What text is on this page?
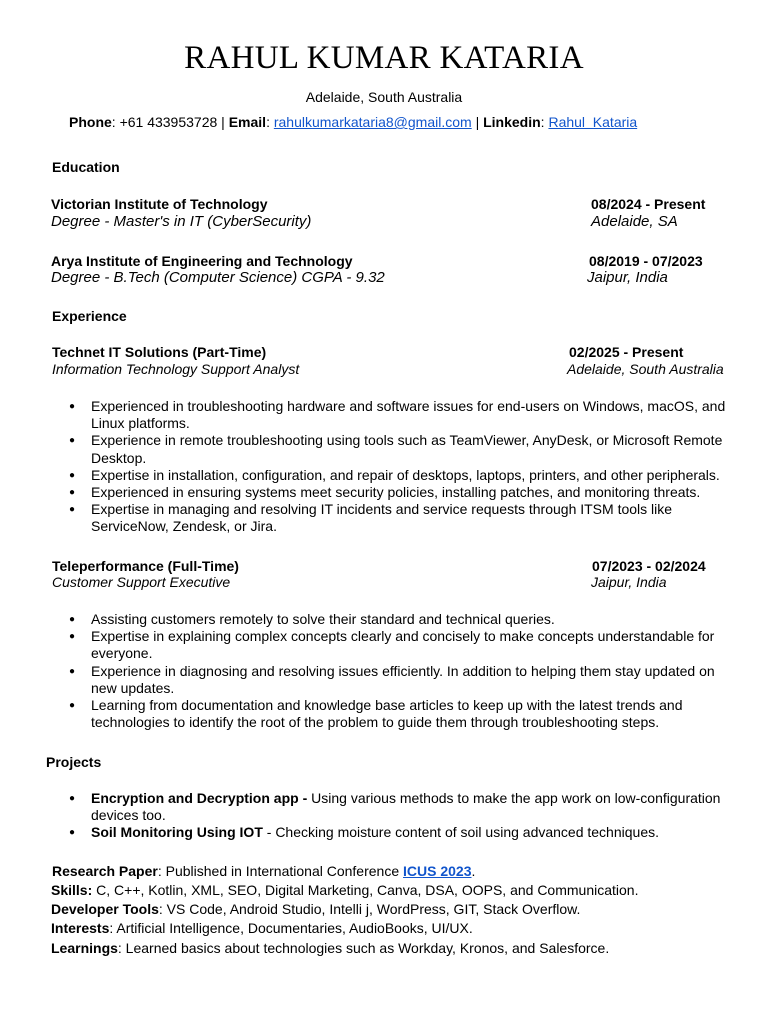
RAHUL KUMAR KATARIA
Adelaide, South Australia
Phone: +61 433953728 | Email: rahulkumarkataria8@gmail.com | Linkedin: Rahul  Kataria
Education
Victorian Institute of Technology	08/2024 - Present
Degree - Master's in IT (CyberSecurity)	Adelaide, SA
Arya Institute of Engineering and Technology	08/2019 - 07/2023
Degree - B.Tech (Computer Science) CGPA - 9.32	Jaipur, India
Experience
Technet IT Solutions (Part-Time)	02/2025 - Present
Information Technology Support Analyst	Adelaide, South Australia
● Experienced in troubleshooting hardware and software issues for end-users on Windows, macOS, and Linux platforms.
● Experience in remote troubleshooting using tools such as TeamViewer, AnyDesk, or Microsoft Remote Desktop.
● Expertise in installation, configuration, and repair of desktops, laptops, printers, and other peripherals.
● Experienced in ensuring systems meet security policies, installing patches, and monitoring threats.
● Expertise in managing and resolving IT incidents and service requests through ITSM tools like ServiceNow, Zendesk, or Jira.
Teleperformance (Full-Time)	07/2023 - 02/2024
Customer Support Executive	Jaipur, India
● Assisting customers remotely to solve their standard and technical queries.
● Expertise in explaining complex concepts clearly and concisely to make concepts understandable for everyone.
● Experience in diagnosing and resolving issues efficiently. In addition to helping them stay updated on new updates.
● Learning from documentation and knowledge base articles to keep up with the latest trends and technologies to identify the root of the problem to guide them through troubleshooting steps.
Projects
● Encryption and Decryption app - Using various methods to make the app work on low-configuration devices too.
● Soil Monitoring Using IOT - Checking moisture content of soil using advanced techniques.
Research Paper: Published in International Conference ICUS 2023.
Skills: C, C++, Kotlin, XML, SEO, Digital Marketing, Canva, DSA, OOPS, and Communication.
Developer Tools: VS Code, Android Studio, Intelli j, WordPress, GIT, Stack Overflow.
Interests: Artificial Intelligence, Documentaries, AudioBooks, UI/UX.
Learnings: Learned basics about technologies such as Workday, Kronos, and Salesforce.
